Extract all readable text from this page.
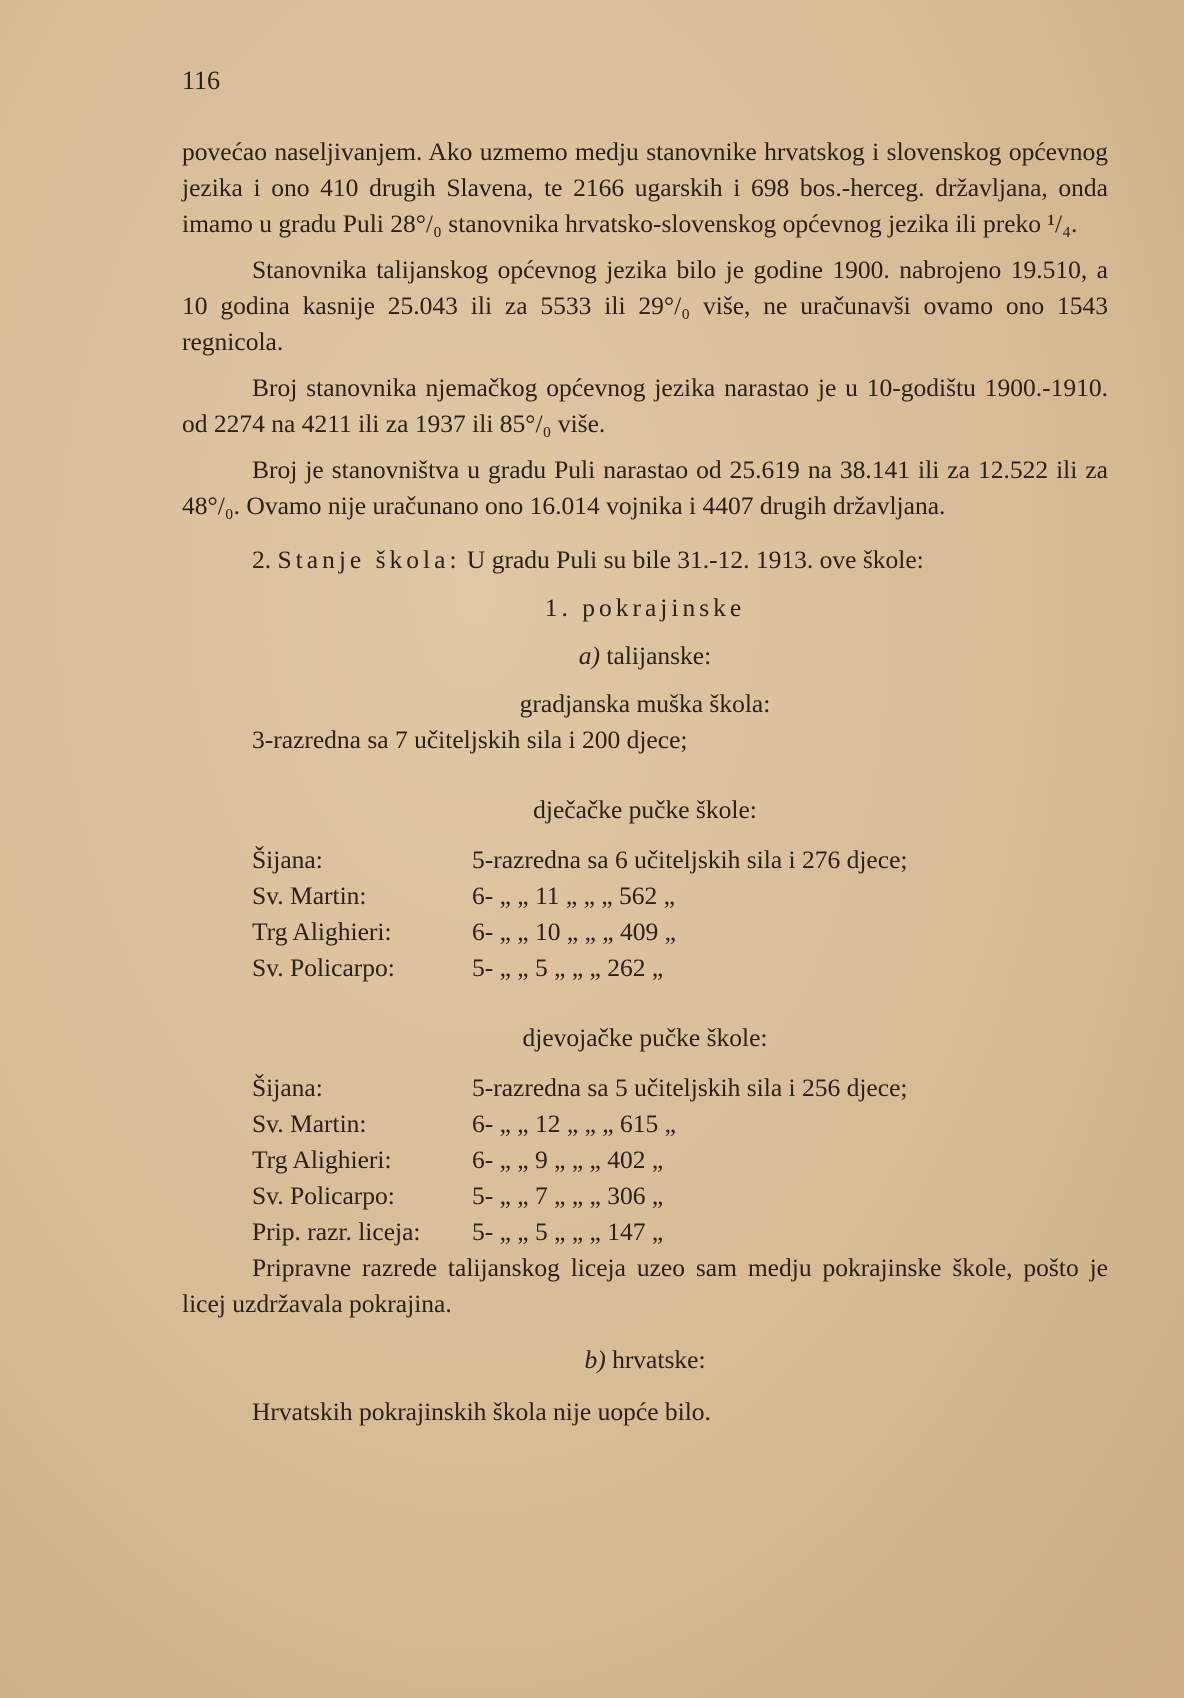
116

povećao naseljivanjem. Ako uzmemo medju stanovnike hrvatskog i slovenskog općevnog jezika i ono 410 drugih Slavena, te 2166 ugarskih i 698 bos.-herceg. državljana, onda imamo u gradu Puli 28°/₀ stanovnika hrvatsko-slovenskog općevnog jezika ili preko ¹/₄.

Stanovnika talijanskog općevnog jezika bilo je godine 1900. nabrojeno 19.510, a 10 godina kasnije 25.043 ili za 5533 ili 29°/₀ više, ne uračunavši ovamo ono 1543 regnicola.

Broj stanovnika njemačkog općevnog jezika narastao je u 10-godištu 1900.-1910. od 2274 na 4211 ili za 1937 ili 85°/₀ više.

Broj je stanovništva u gradu Puli narastao od 25.619 na 38.141 ili za 12.522 ili za 48°/₀. Ovamo nije uračunano ono 16.014 vojnika i 4407 drugih državljana.

2. Stanje škola: U gradu Puli su bile 31.-12. 1913. ove škole:

1. pokrajinske

a) talijanske:

gradjanska muška škola:

3-razredna sa 7 učiteljskih sila i 200 djece;

dječačke pučke škole:

Šijana:	5-razredna sa 6 učiteljskih sila i 276 djece;
Sv. Martin:	6- „ „ 11 „ „ „ 562 „
Trg Alighieri:	6- „ „ 10 „ „ „ 409 „
Sv. Policarpo:	5- „ „ 5 „ „ „ 262 „

djevojačke pučke škole:

Šijana:	5-razredna sa 5 učiteljskih sila i 256 djece;
Sv. Martin:	6- „ „ 12 „ „ „ 615 „
Trg Alighieri:	6- „ „ 9 „ „ „ 402 „
Sv. Policarpo:	5- „ „ 7 „ „ „ 306 „
Prip. razr. liceja:	5- „ „ 5 „ „ „ 147 „

Pripravne razrede talijanskog liceja uzeo sam medju pokrajinske škole, pošto je licej uzdržavala pokrajina.

b) hrvatske:

Hrvatskih pokrajinskih škola nije uopće bilo.
